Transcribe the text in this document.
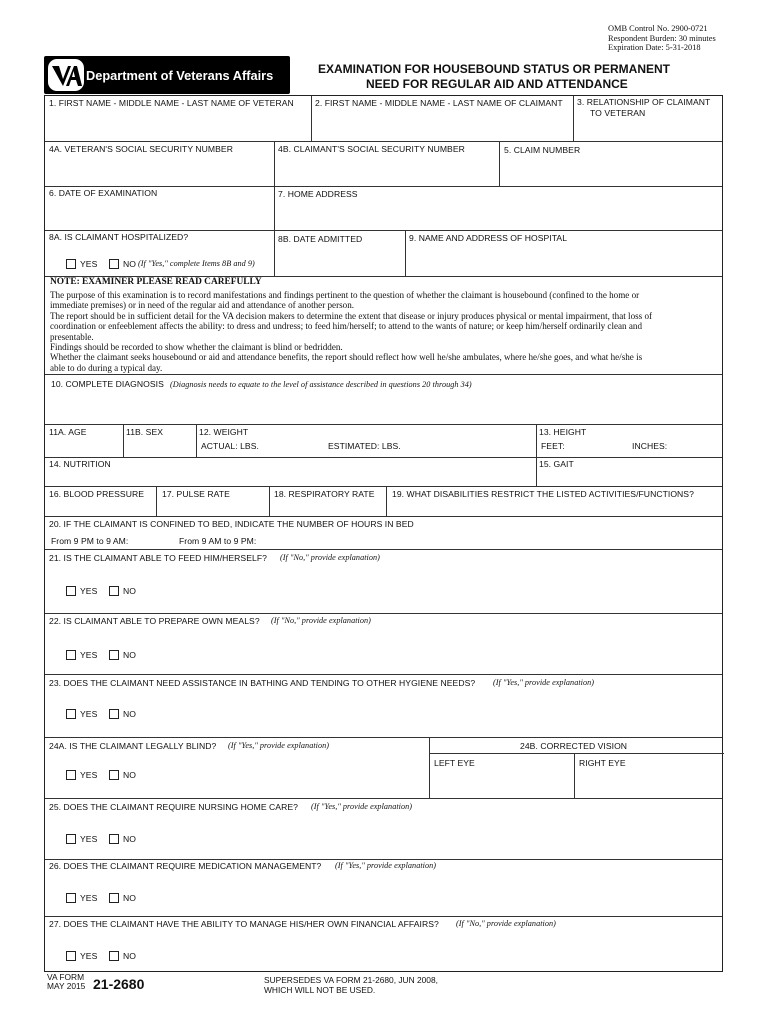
OMB Control No. 2900-0721
Respondent Burden: 30 minutes
Expiration Date: 5-31-2018
Department of Veterans Affairs	EXAMINATION FOR HOUSEBOUND STATUS OR PERMANENT
NEED FOR REGULAR AID AND ATTENDANCE
1. FIRST NAME - MIDDLE NAME - LAST NAME OF VETERAN 2. FIRST NAME - MIDDLE NAME - LAST NAME OF CLAIMANT 3. RELATIONSHIP OF CLAIMANT
TO VETERAN
4A. VETERAN'S SOCIAL SECURITY NUMBER	4B. CLAIMANT'S SOCIAL SECURITY NUMBER	5. CLAIM NUMBER
6. DATE OF EXAMINATION	7. HOME ADDRESS
8A. IS CLAIMANT HOSPITALIZED?
YES	NO (If "Yes," complete Items 8B and 9)
8B. DATE ADMITTED	9. NAME AND ADDRESS OF HOSPITAL
NOTE: EXAMINER PLEASE READ CAREFULLY
The purpose of this examination is to record manifestations and findings pertinent to the question of whether the claimant is housebound (confined to the home or
immediate premises) or in need of the regular aid and attendance of another person.
The report should be in sufficient detail for the VA decision makers to determine the extent that disease or injury produces physical or mental impairment, that loss of
coordination or enfeeblement affects the ability: to dress and undress; to feed him/herself; to attend to the wants of nature; or keep him/herself ordinarily clean and
presentable.
Findings should be recorded to show whether the claimant is blind or bedridden.
Whether the claimant seeks housebound or aid and attendance benefits, the report should reflect how well he/she ambulates, where he/she goes, and what he/she is
able to do during a typical day.
10. COMPLETE DIAGNOSIS (Diagnosis needs to equate to the level of assistance described in questions 20 through 34)
11A. AGE	11B. SEX	12. WEIGHT
ACTUAL: LBS.	ESTIMATED: LBS.
13. HEIGHT
FEET:	INCHES:
14. NUTRITION	15. GAIT
16. BLOOD PRESSURE 17. PULSE RATE	18. RESPIRATORY RATE 19. WHAT DISABILITIES RESTRICT THE LISTED ACTIVITIES/FUNCTIONS?
20. IF THE CLAIMANT IS CONFINED TO BED, INDICATE THE NUMBER OF HOURS IN BED
From 9 PM to 9 AM:	From 9 AM to 9 PM:
21. IS THE CLAIMANT ABLE TO FEED HIM/HERSELF? (If "No," provide explanation)
YES	NO
22. IS CLAIMANT ABLE TO PREPARE OWN MEALS? (If "No," provide explanation)
YES	NO
23. DOES THE CLAIMANT NEED ASSISTANCE IN BATHING AND TENDING TO OTHER HYGIENE NEEDS? (If "Yes," provide explanation)
YES	NO
24A. IS THE CLAIMANT LEGALLY BLIND? (If "Yes," provide explanation)
YES	NO
24B. CORRECTED VISION
LEFT EYE	RIGHT EYE
25. DOES THE CLAIMANT REQUIRE NURSING HOME CARE? (If "Yes," provide explanation)
YES	NO
26. DOES THE CLAIMANT REQUIRE MEDICATION MANAGEMENT? (If "Yes," provide explanation)
YES	NO
27. DOES THE CLAIMANT HAVE THE ABILITY TO MANAGE HIS/HER OWN FINANCIAL AFFAIRS? (If "No," provide explanation)
YES	NO
VA FORM
MAY 2015 21-2680	SUPERSEDES VA FORM 21-2680, JUN 2008,
WHICH WILL NOT BE USED.
